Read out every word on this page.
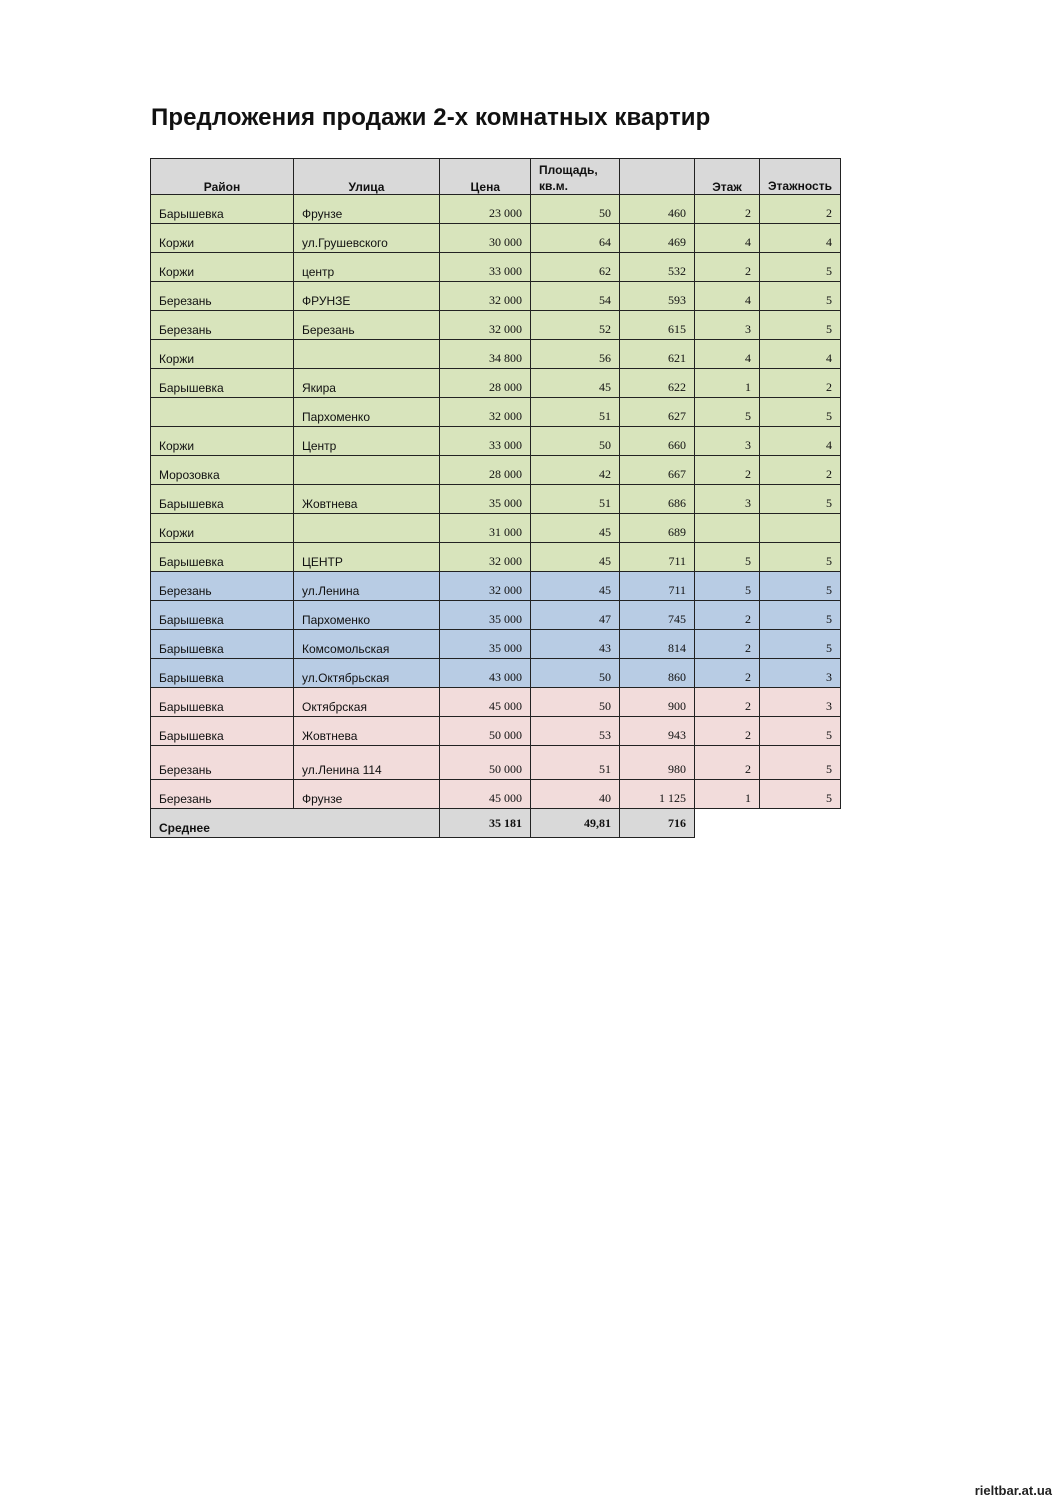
Предложения продажи 2-х комнатных квартир
Район	Улица	Цена	Площадь, кв.м.		Этаж	Этажность
Барышевка	Фрунзе	23 000	50	460	2	2
Коржи	ул.Грушевского	30 000	64	469	4	4
Коржи	центр	33 000	62	532	2	5
Березань	ФРУНЗЕ	32 000	54	593	4	5
Березань	Березань	32 000	52	615	3	5
Коржи		34 800	56	621	4	4
Барышевка	Якира	28 000	45	622	1	2
	Пархоменко	32 000	51	627	5	5
Коржи	Центр	33 000	50	660	3	4
Морозовка		28 000	42	667	2	2
Барышевка	Жовтнева	35 000	51	686	3	5
Коржи		31 000	45	689		
Барышевка	ЦЕНТР	32 000	45	711	5	5
Березань	ул.Ленина	32 000	45	711	5	5
Барышевка	Пархоменко	35 000	47	745	2	5
Барышевка	Комсомольская	35 000	43	814	2	5
Барышевка	ул.Октябрьская	43 000	50	860	2	3
Барышевка	Октябрская	45 000	50	900	2	3
Барышевка	Жовтнева	50 000	53	943	2	5
Березань	ул.Ленина 114	50 000	51	980	2	5
Березань	Фрунзе	45 000	40	1 125	1	5
Среднее		35 181	49,81	716		
rieltbar.at.ua
